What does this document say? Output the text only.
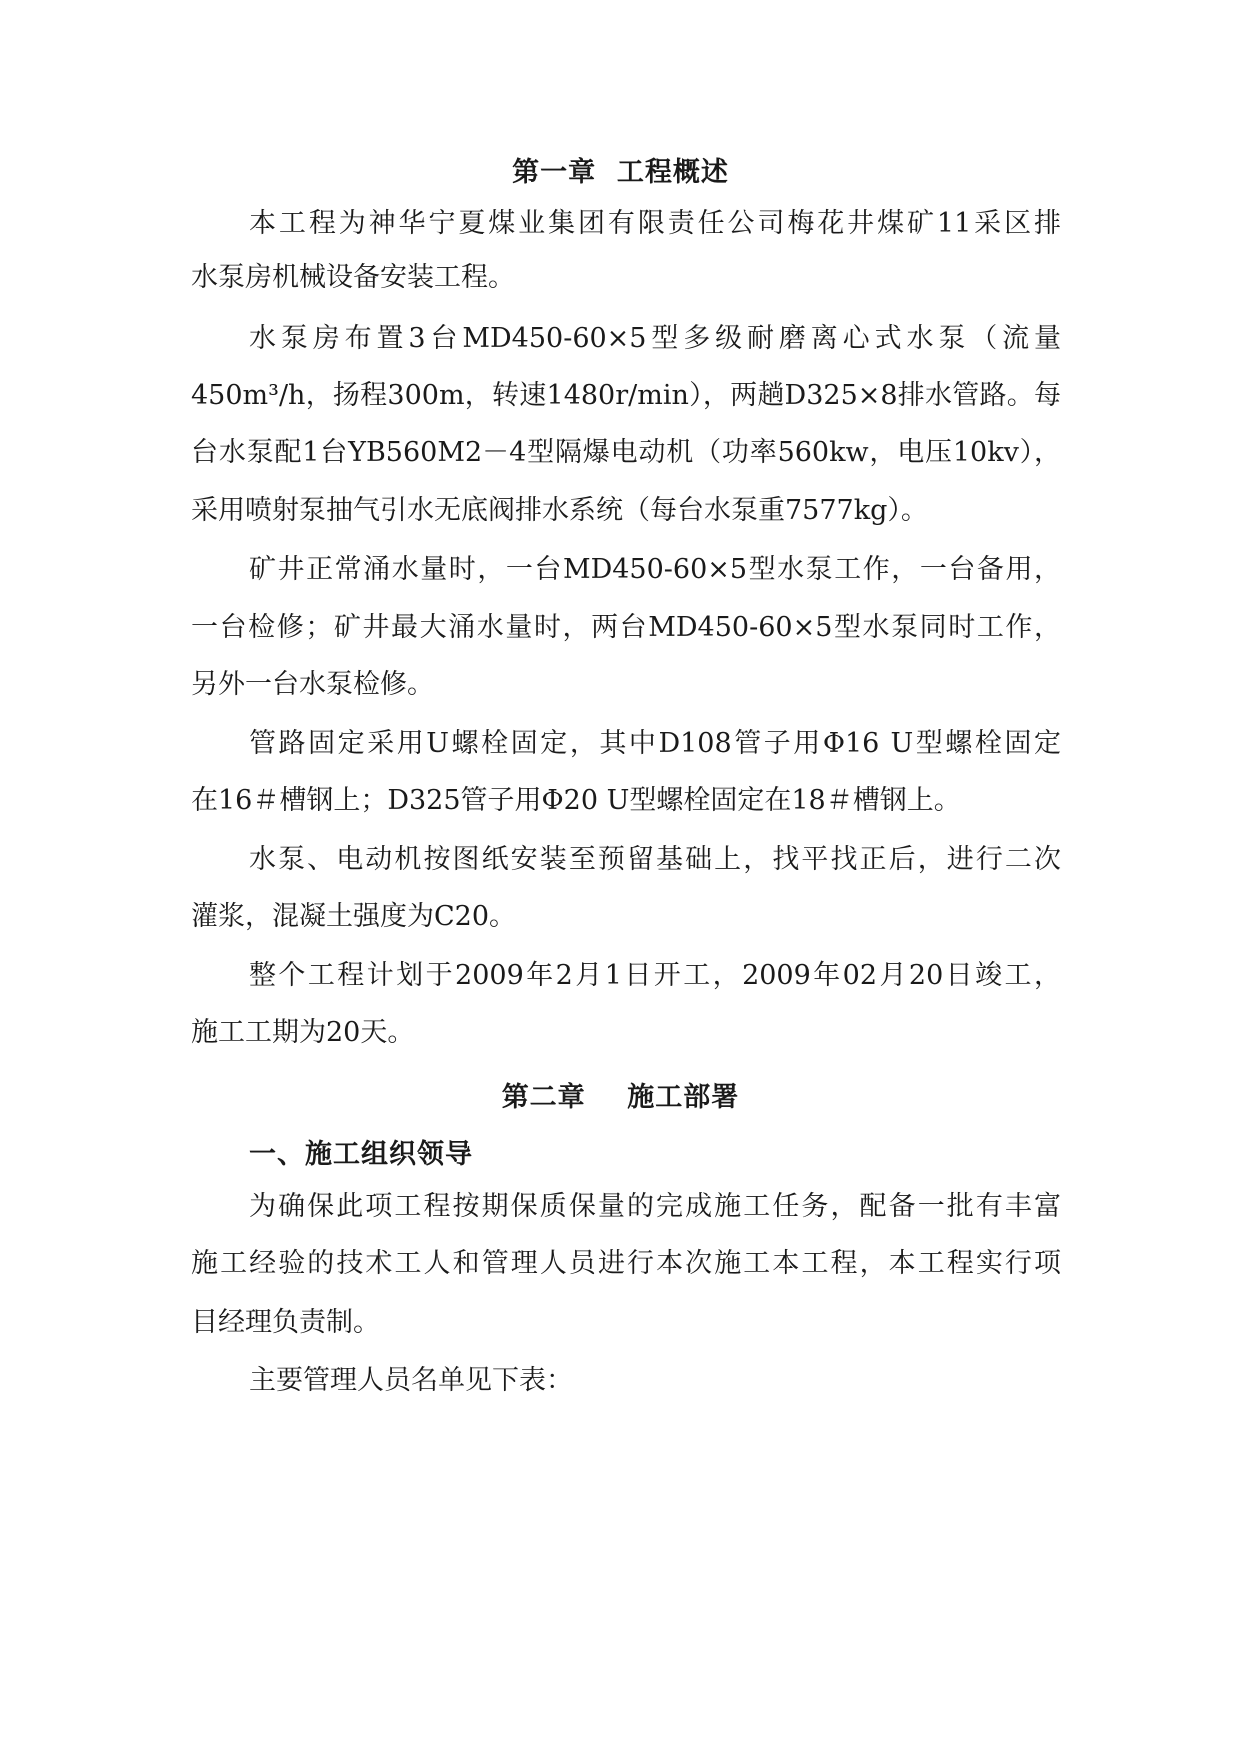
第一章  工程概述
本工程为神华宁夏煤业集团有限责任公司梅花井煤矿11采区排
水泵房机械设备安装工程。
水泵房布置3台MD450-60×5型多级耐磨离心式水泵（流量
450m³/h，扬程300m，转速1480r/min），两趟D325×8排水管路。每
台水泵配1台YB560M2－4型隔爆电动机（功率560kw，电压10kv），
采用喷射泵抽气引水无底阀排水系统（每台水泵重7577kg）。
矿井正常涌水量时，一台MD450-60×5型水泵工作，一台备用，
一台检修；矿井最大涌水量时，两台MD450-60×5型水泵同时工作，
另外一台水泵检修。
管路固定采用U螺栓固定，其中D108管子用Φ16 U型螺栓固定
在16＃槽钢上；D325管子用Φ20 U型螺栓固定在18＃槽钢上。
水泵、电动机按图纸安装至预留基础上，找平找正后，进行二次
灌浆，混凝土强度为C20。
整个工程计划于2009年2月1日开工，2009年02月20日竣工，
施工工期为20天。
第二章    施工部署
一、施工组织领导
为确保此项工程按期保质保量的完成施工任务，配备一批有丰富
施工经验的技术工人和管理人员进行本次施工本工程，本工程实行项
目经理负责制。
主要管理人员名单见下表：
